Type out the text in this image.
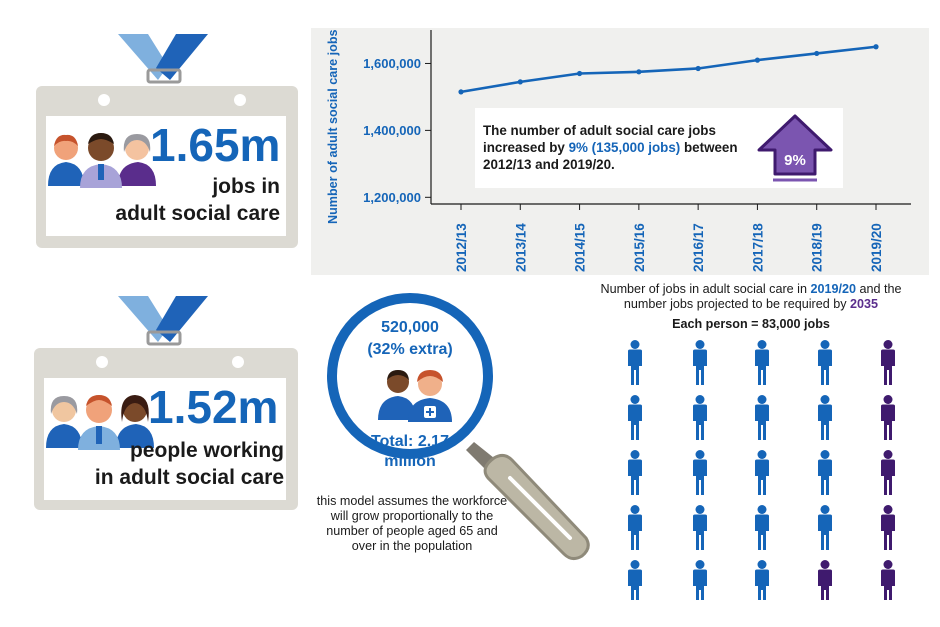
1.65m
jobs in
adult social care
1.52m
people working
in adult social care
Number of adult social care jobs 1,200,000
1,400,000
1,600,000
2012/13	2013/14	2014/15	2015/16	2016/17	2017/18	2018/19	2019/20
The number of adult social care jobs increased by 9% (135,000 jobs) between 2012/13 and 2019/20.	9%
520,000
(32% extra)
Total: 2.17
million
this model assumes the workforce will grow proportionally to the number of people aged 65 and over in the population
Number of jobs in adult social care in 2019/20 and the number jobs projected to be required by 2035
Each person = 83,000 jobs
